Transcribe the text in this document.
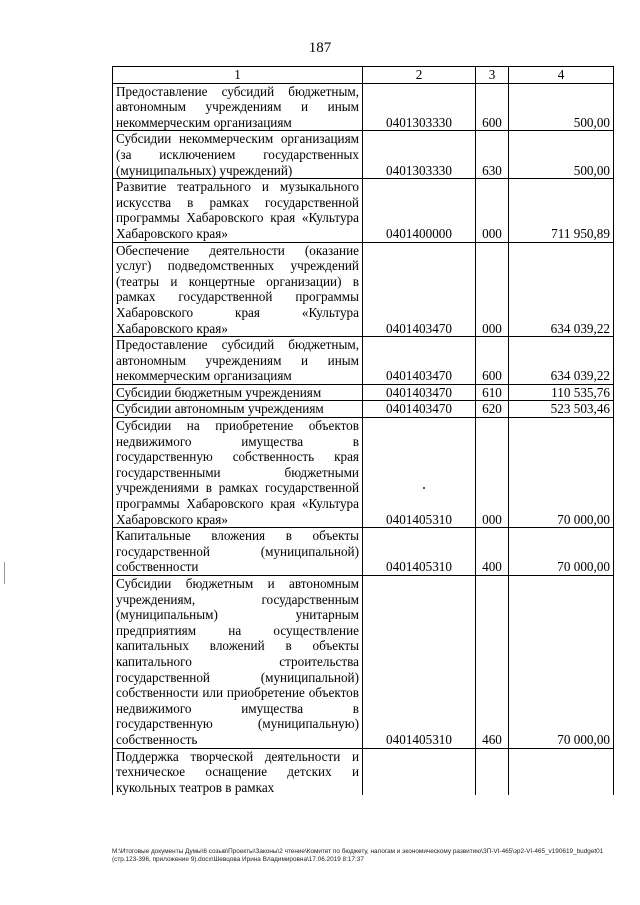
187
1	2	3	4
Предоставление субсидий бюджетным, автономным учреждениям и иным некоммерческим организациям	0401303330	600	500,00
Субсидии некоммерческим организациям (за исключением государственных (муниципальных) учреждений)	0401303330	630	500,00
Развитие театрального и музыкального искусства в рамках государственной программы Хабаровского края «Культура Хабаровского края»	0401400000	000	711 950,89
Обеспечение деятельности (оказание услуг) подведомственных учреждений (театры и концертные организации) в рамках государственной программы Хабаровского края «Культура Хабаровского края»	0401403470	000	634 039,22
Предоставление субсидий бюджетным, автономным учреждениям и иным некоммерческим организациям	0401403470	600	634 039,22
Субсидии бюджетным учреждениям	0401403470	610	110 535,76
Субсидии автономным учреждениям	0401403470	620	523 503,46
Субсидии на приобретение объектов недвижимого имущества в государственную собственность края государственными бюджетными учреждениями в рамках государственной программы Хабаровского края «Культура Хабаровского края»	0401405310	000	70 000,00
Капитальные вложения в объекты государственной (муниципальной) собственности	0401405310	400	70 000,00
Субсидии бюджетным и автономным учреждениям, государственным (муниципальным) унитарным предприятиям на осуществление капитальных вложений в объекты капитального строительства государственной (муниципальной) собственности или приобретение объектов недвижимого имущества в государственную (муниципальную) собственность	0401405310	460	70 000,00
Поддержка творческой деятельности и техническое оснащение детских и кукольных театров в рамках			
M:\Итоговые документы Думы\6 созыв\Проекты\Законы\2 чтение\Комитет по бюджету, налогам и экономическому развитию\ЗП-VI-465\зр2-VI-465_v190619_budget01 (стр.123-396, приложение 9).docx\Шевцова Ирина Владимировна\17.06.2019 8:17:37
